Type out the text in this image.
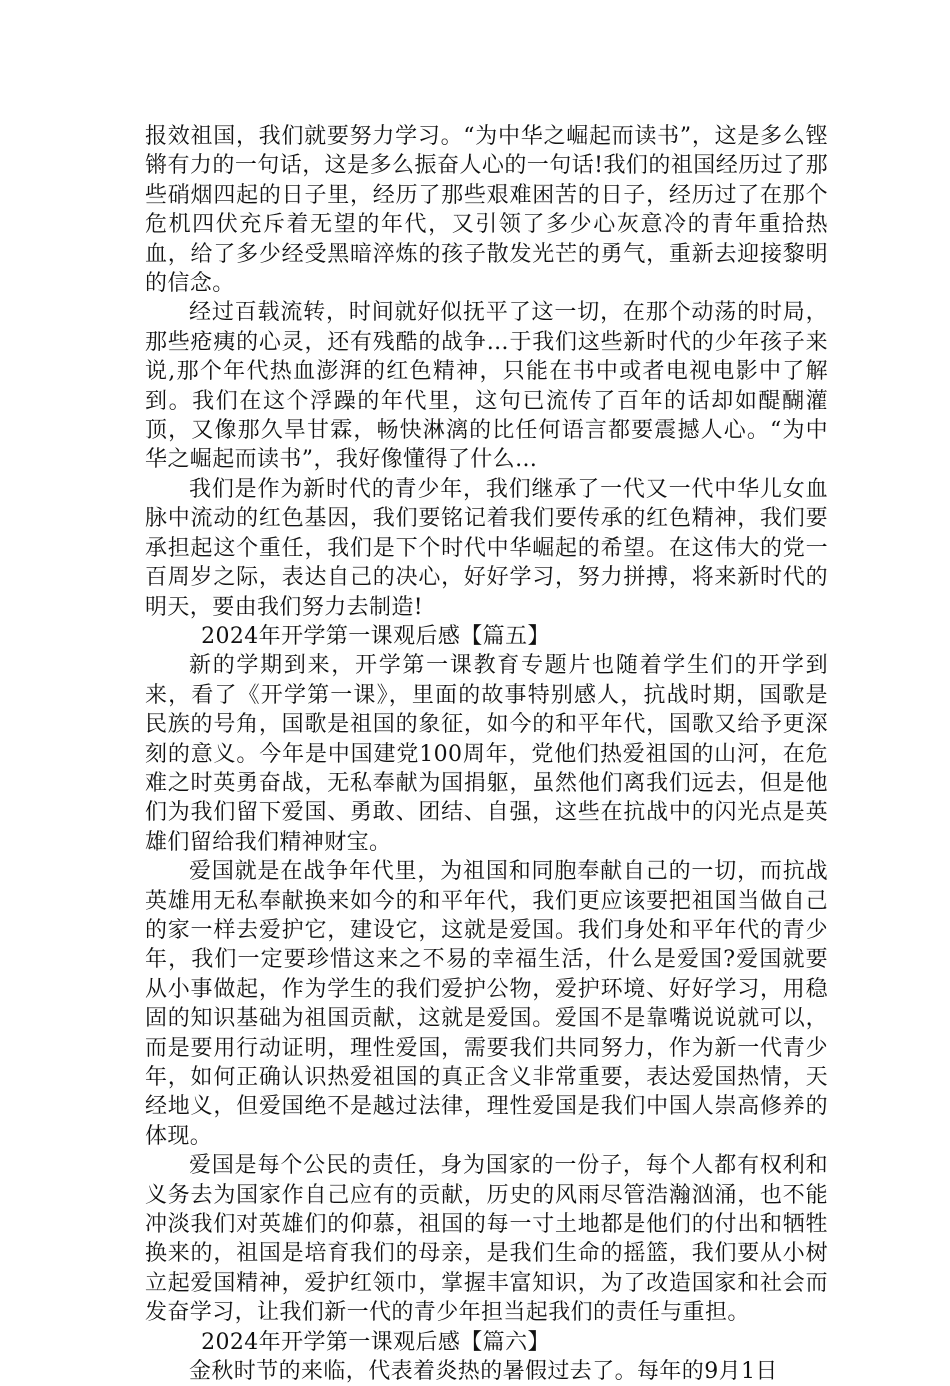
报效祖国，我们就要努力学习。“为中华之崛起而读书”，这是多么铿锵有力的一句话，这是多么振奋人心的一句话!我们的祖国经历过了那些硝烟四起的日子里，经历了那些艰难困苦的日子，经历过了在那个危机四伏充斥着无望的年代，又引领了多少心灰意冷的青年重拾热血，给了多少经受黑暗淬炼的孩子散发光芒的勇气，重新去迎接黎明的信念。

经过百载流转，时间就好似抚平了这一切，在那个动荡的时局，那些疮痍的心灵，还有残酷的战争…于我们这些新时代的少年孩子来说,那个年代热血澎湃的红色精神，只能在书中或者电视电影中了解到。我们在这个浮躁的年代里，这句已流传了百年的话却如醍醐灌顶，又像那久旱甘霖，畅快淋漓的比任何语言都要震撼人心。“为中华之崛起而读书”，我好像懂得了什么…

我们是作为新时代的青少年，我们继承了一代又一代中华儿女血脉中流动的红色基因，我们要铭记着我们要传承的红色精神，我们要承担起这个重任，我们是下个时代中华崛起的希望。在这伟大的党一百周岁之际，表达自己的决心，好好学习，努力拼搏，将来新时代的明天，要由我们努力去制造!

2024年开学第一课观后感【篇五】

新的学期到来，开学第一课教育专题片也随着学生们的开学到来，看了《开学第一课》，里面的故事特别感人，抗战时期，国歌是民族的号角，国歌是祖国的象征，如今的和平年代，国歌又给予更深刻的意义。今年是中国建党100周年，党他们热爱祖国的山河，在危难之时英勇奋战，无私奉献为国捐躯，虽然他们离我们远去，但是他们为我们留下爱国、勇敢、团结、自强，这些在抗战中的闪光点是英雄们留给我们精神财宝。

爱国就是在战争年代里，为祖国和同胞奉献自己的一切，而抗战英雄用无私奉献换来如今的和平年代，我们更应该要把祖国当做自己的家一样去爱护它，建设它，这就是爱国。我们身处和平年代的青少年，我们一定要珍惜这来之不易的幸福生活，什么是爱国?爱国就要从小事做起，作为学生的我们爱护公物，爱护环境、好好学习，用稳固的知识基础为祖国贡献，这就是爱国。爱国不是靠嘴说说就可以，而是要用行动证明，理性爱国，需要我们共同努力，作为新一代青少年，如何正确认识热爱祖国的真正含义非常重要，表达爱国热情，天经地义，但爱国绝不是越过法律，理性爱国是我们中国人崇高修养的体现。

爱国是每个公民的责任，身为国家的一份子，每个人都有权利和义务去为国家作自己应有的贡献，历史的风雨尽管浩瀚汹涌，也不能冲淡我们对英雄们的仰慕，祖国的每一寸土地都是他们的付出和牺牲换来的，祖国是培育我们的母亲，是我们生命的摇篮，我们要从小树立起爱国精神，爱护红领巾，掌握丰富知识，为了改造国家和社会而发奋学习，让我们新一代的青少年担当起我们的责任与重担。

2024年开学第一课观后感【篇六】

金秋时节的来临，代表着炎热的暑假过去了。每年的9月1日
